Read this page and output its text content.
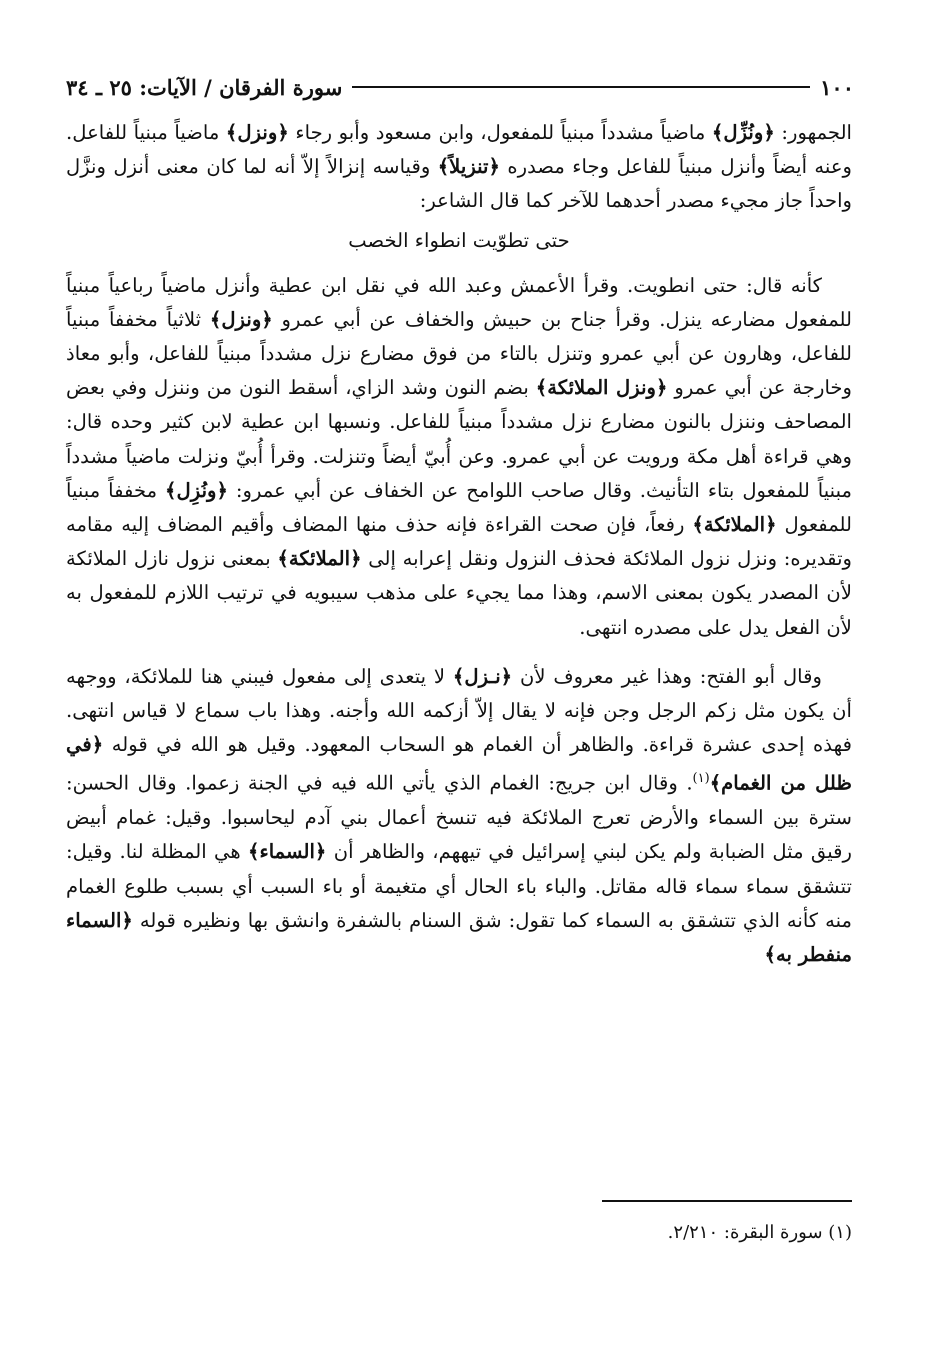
١٠٠
سورة الفرقان / الآيات: ٢٥ ـ ٣٤

الجمهور: ﴿ونُزِّل﴾ ماضياً مشدداً مبنياً للمفعول، وابن مسعود وأبو رجاء ﴿ونزل﴾ ماضياً مبنياً للفاعل. وعنه أيضاً وأنزل مبنياً للفاعل وجاء مصدره ﴿تنزيلاً﴾ وقياسه إنزالاً إلاّ أنه لما كان معنى أنزل ونزَّل واحداً جاز مجيء مصدر أحدهما للآخر كما قال الشاعر:

حتى تطوّيت انطواء الخصب

كأنه قال: حتى انطويت. وقرأ الأعمش وعبد الله في نقل ابن عطية وأنزل ماضياً رباعياً مبنياً للمفعول مضارعه ينزل. وقرأ جناح بن حبيش والخفاف عن أبي عمرو ﴿ونزل﴾ ثلاثياً مخففاً مبنياً للفاعل، وهارون عن أبي عمرو وتنزل بالتاء من فوق مضارع نزل مشدداً مبنياً للفاعل، وأبو معاذ وخارجة عن أبي عمرو ﴿ونزل الملائكة﴾ بضم النون وشد الزاي، أسقط النون من وننزل وفي بعض المصاحف وننزل بالنون مضارع نزل مشدداً مبنياً للفاعل. ونسبها ابن عطية لابن كثير وحده قال: وهي قراءة أهل مكة ورويت عن أبي عمرو. وعن أُبيّ أيضاً وتنزلت. وقرأ أُبيّ ونزلت ماضياً مشدداً مبنياً للمفعول بتاء التأنيث. وقال صاحب اللوامح عن الخفاف عن أبي عمرو: ﴿ونُزِل﴾ مخففاً مبنياً للمفعول ﴿الملائكة﴾ رفعاً، فإن صحت القراءة فإنه حذف منها المضاف وأقيم المضاف إليه مقامه وتقديره: ونزل نزول الملائكة فحذف النزول ونقل إعرابه إلى ﴿الملائكة﴾ بمعنى نزول نازل الملائكة لأن المصدر يكون بمعنى الاسم، وهذا مما يجيء على مذهب سيبويه في ترتيب اللازم للمفعول به لأن الفعل يدل على مصدره انتهى.

وقال أبو الفتح: وهذا غير معروف لأن ﴿نـزل﴾ لا يتعدى إلى مفعول فيبني هنا للملائكة، ووجهه أن يكون مثل زكم الرجل وجن فإنه لا يقال إلاّ أزكمه الله وأجنه. وهذا باب سماع لا قياس انتهى. فهذه إحدى عشرة قراءة. والظاهر أن الغمام هو السحاب المعهود. وقيل هو الله في قوله ﴿في ظلل من الغمام﴾$^{(١)}$. وقال ابن جريج: الغمام الذي يأتي الله فيه في الجنة زعموا. وقال الحسن: سترة بين السماء والأرض تعرج الملائكة فيه تنسخ أعمال بني آدم ليحاسبوا. وقيل: غمام أبيض رقيق مثل الضبابة ولم يكن لبني إسرائيل في تيههم، والظاهر أن ﴿السماء﴾ هي المظلة لنا. وقيل: تتشقق سماء سماء قاله مقاتل. والباء باء الحال أي متغيمة أو باء السبب أي بسبب طلوع الغمام منه كأنه الذي تتشقق به السماء كما تقول: شق السنام بالشفرة وانشق بها ونظيره قوله ﴿السماء منفطر به﴾

(١) سورة البقرة: ٢/٢١٠.
